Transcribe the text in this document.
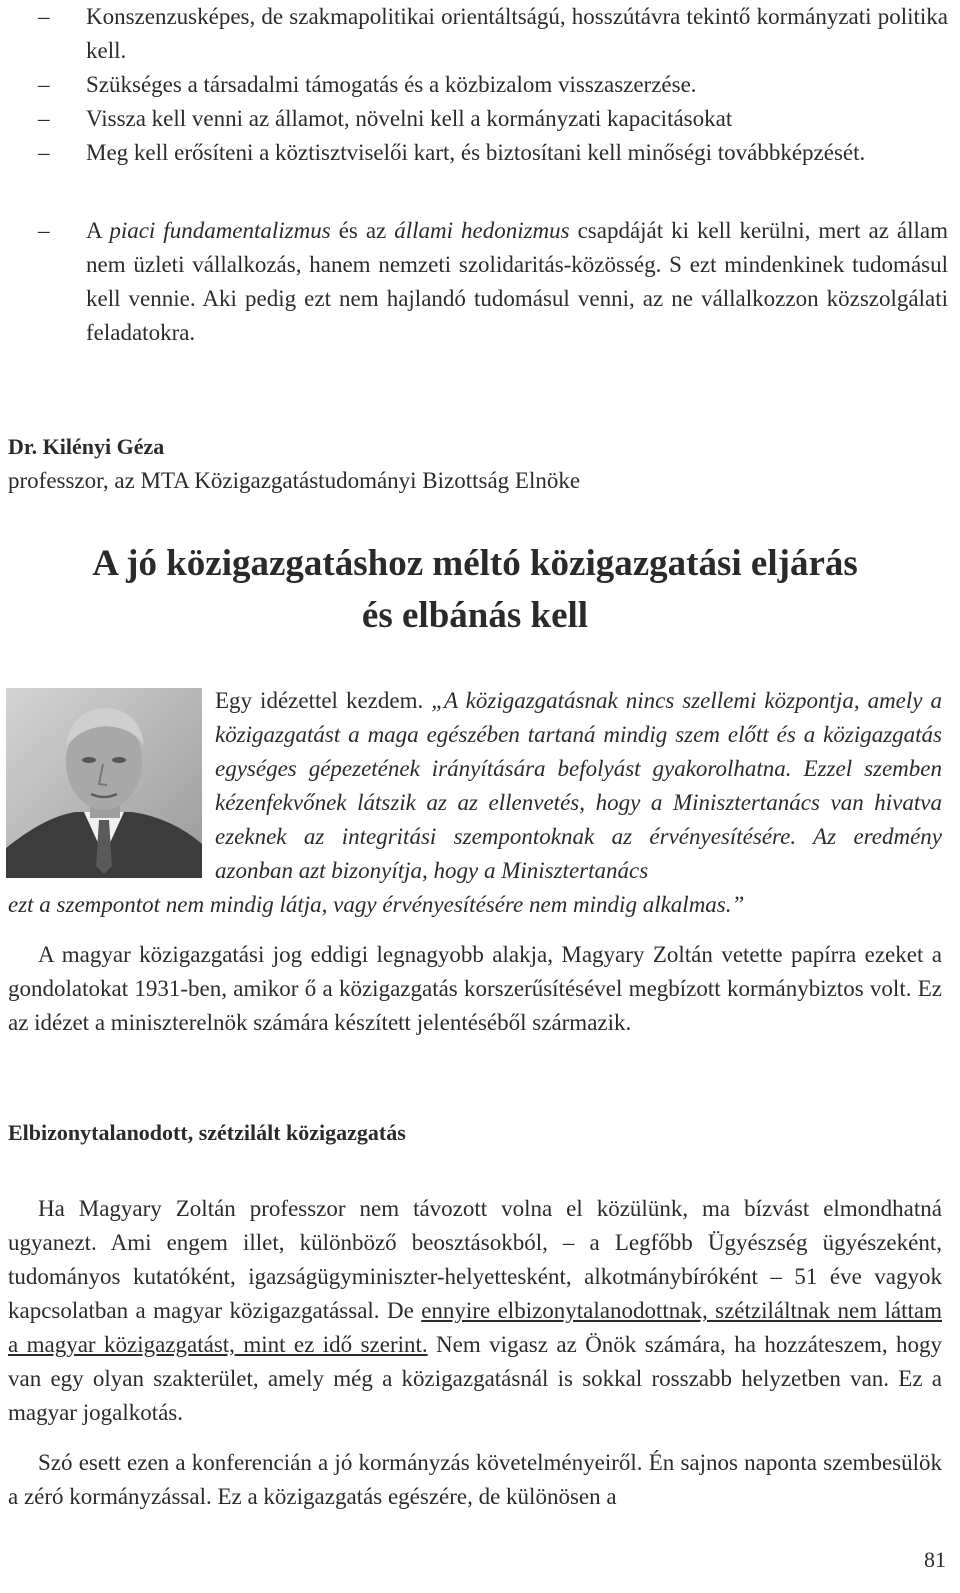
– Konszenzusképes, de szakmapolitikai orientáltságú, hosszútávra tekintő kormányzati politika kell.
– Szükséges a társadalmi támogatás és a közbizalom visszaszerzése.
– Vissza kell venni az államot, növelni kell a kormányzati kapacitásokat
– Meg kell erősíteni a köztisztviselői kart, és biztosítani kell minőségi továbbképzését.
– A piaci fundamentalizmus és az állami hedonizmus csapdáját ki kell kerülni, mert az állam nem üzleti vállalkozás, hanem nemzeti szolidaritás-közösség. S ezt mindenkinek tudomásul kell vennie. Aki pedig ezt nem hajlandó tudomásul venni, az ne vállalkozzon közszolgálati feladatokra.
Dr. Kilényi Géza
professzor, az MTA Közigazgatástudományi Bizottság Elnöke
A jó közigazgatáshoz méltó közigazgatási eljárás
és elbánás kell
Egy idézettel kezdem. „A közigazgatásnak nincs szellemi központja, amely a közigazgatást a maga egészében tartaná mindig szem előtt és a közigazgatás egységes gépezetének irányítására befolyást gyakorolhatna. Ezzel szemben kézenfekvőnek látszik az az ellenvetés, hogy a Minisztertanács van hivatva ezeknek az integritási szempontoknak az érvényesítésére. Az eredmény azonban azt bizonyítja, hogy a Minisztertanács
ezt a szempontot nem mindig látja, vagy érvényesítésére nem mindig alkalmas.”
A magyar közigazgatási jog eddigi legnagyobb alakja, Magyary Zoltán vetette papírra ezeket a gondolatokat 1931-ben, amikor ő a közigazgatás korszerűsítésével megbízott kormánybiztos volt. Ez az idézet a miniszterelnök számára készített jelentéséből származik.
Elbizonytalanodott, szétzilált közigazgatás
Ha Magyary Zoltán professzor nem távozott volna el közülünk, ma bízvást elmondhatná ugyanezt. Ami engem illet, különböző beosztásokból, – a Legfőbb Ügyészség ügyészeként, tudományos kutatóként, igazságügyminiszter-helyettesként, alkotmánybíróként – 51 éve vagyok kapcsolatban a magyar közigazgatással. De ennyire elbizonytalanodottnak, szétziláltnak nem láttam a magyar közigazgatást, mint ez idő szerint. Nem vigasz az Önök számára, ha hozzáteszem, hogy van egy olyan szakterület, amely még a közigazgatásnál is sokkal rosszabb helyzetben van. Ez a magyar jogalkotás.
Szó esett ezen a konferencián a jó kormányzás követelményeiről. Én sajnos naponta szembesülök a zéró kormányzással. Ez a közigazgatás egészére, de különösen a
81
